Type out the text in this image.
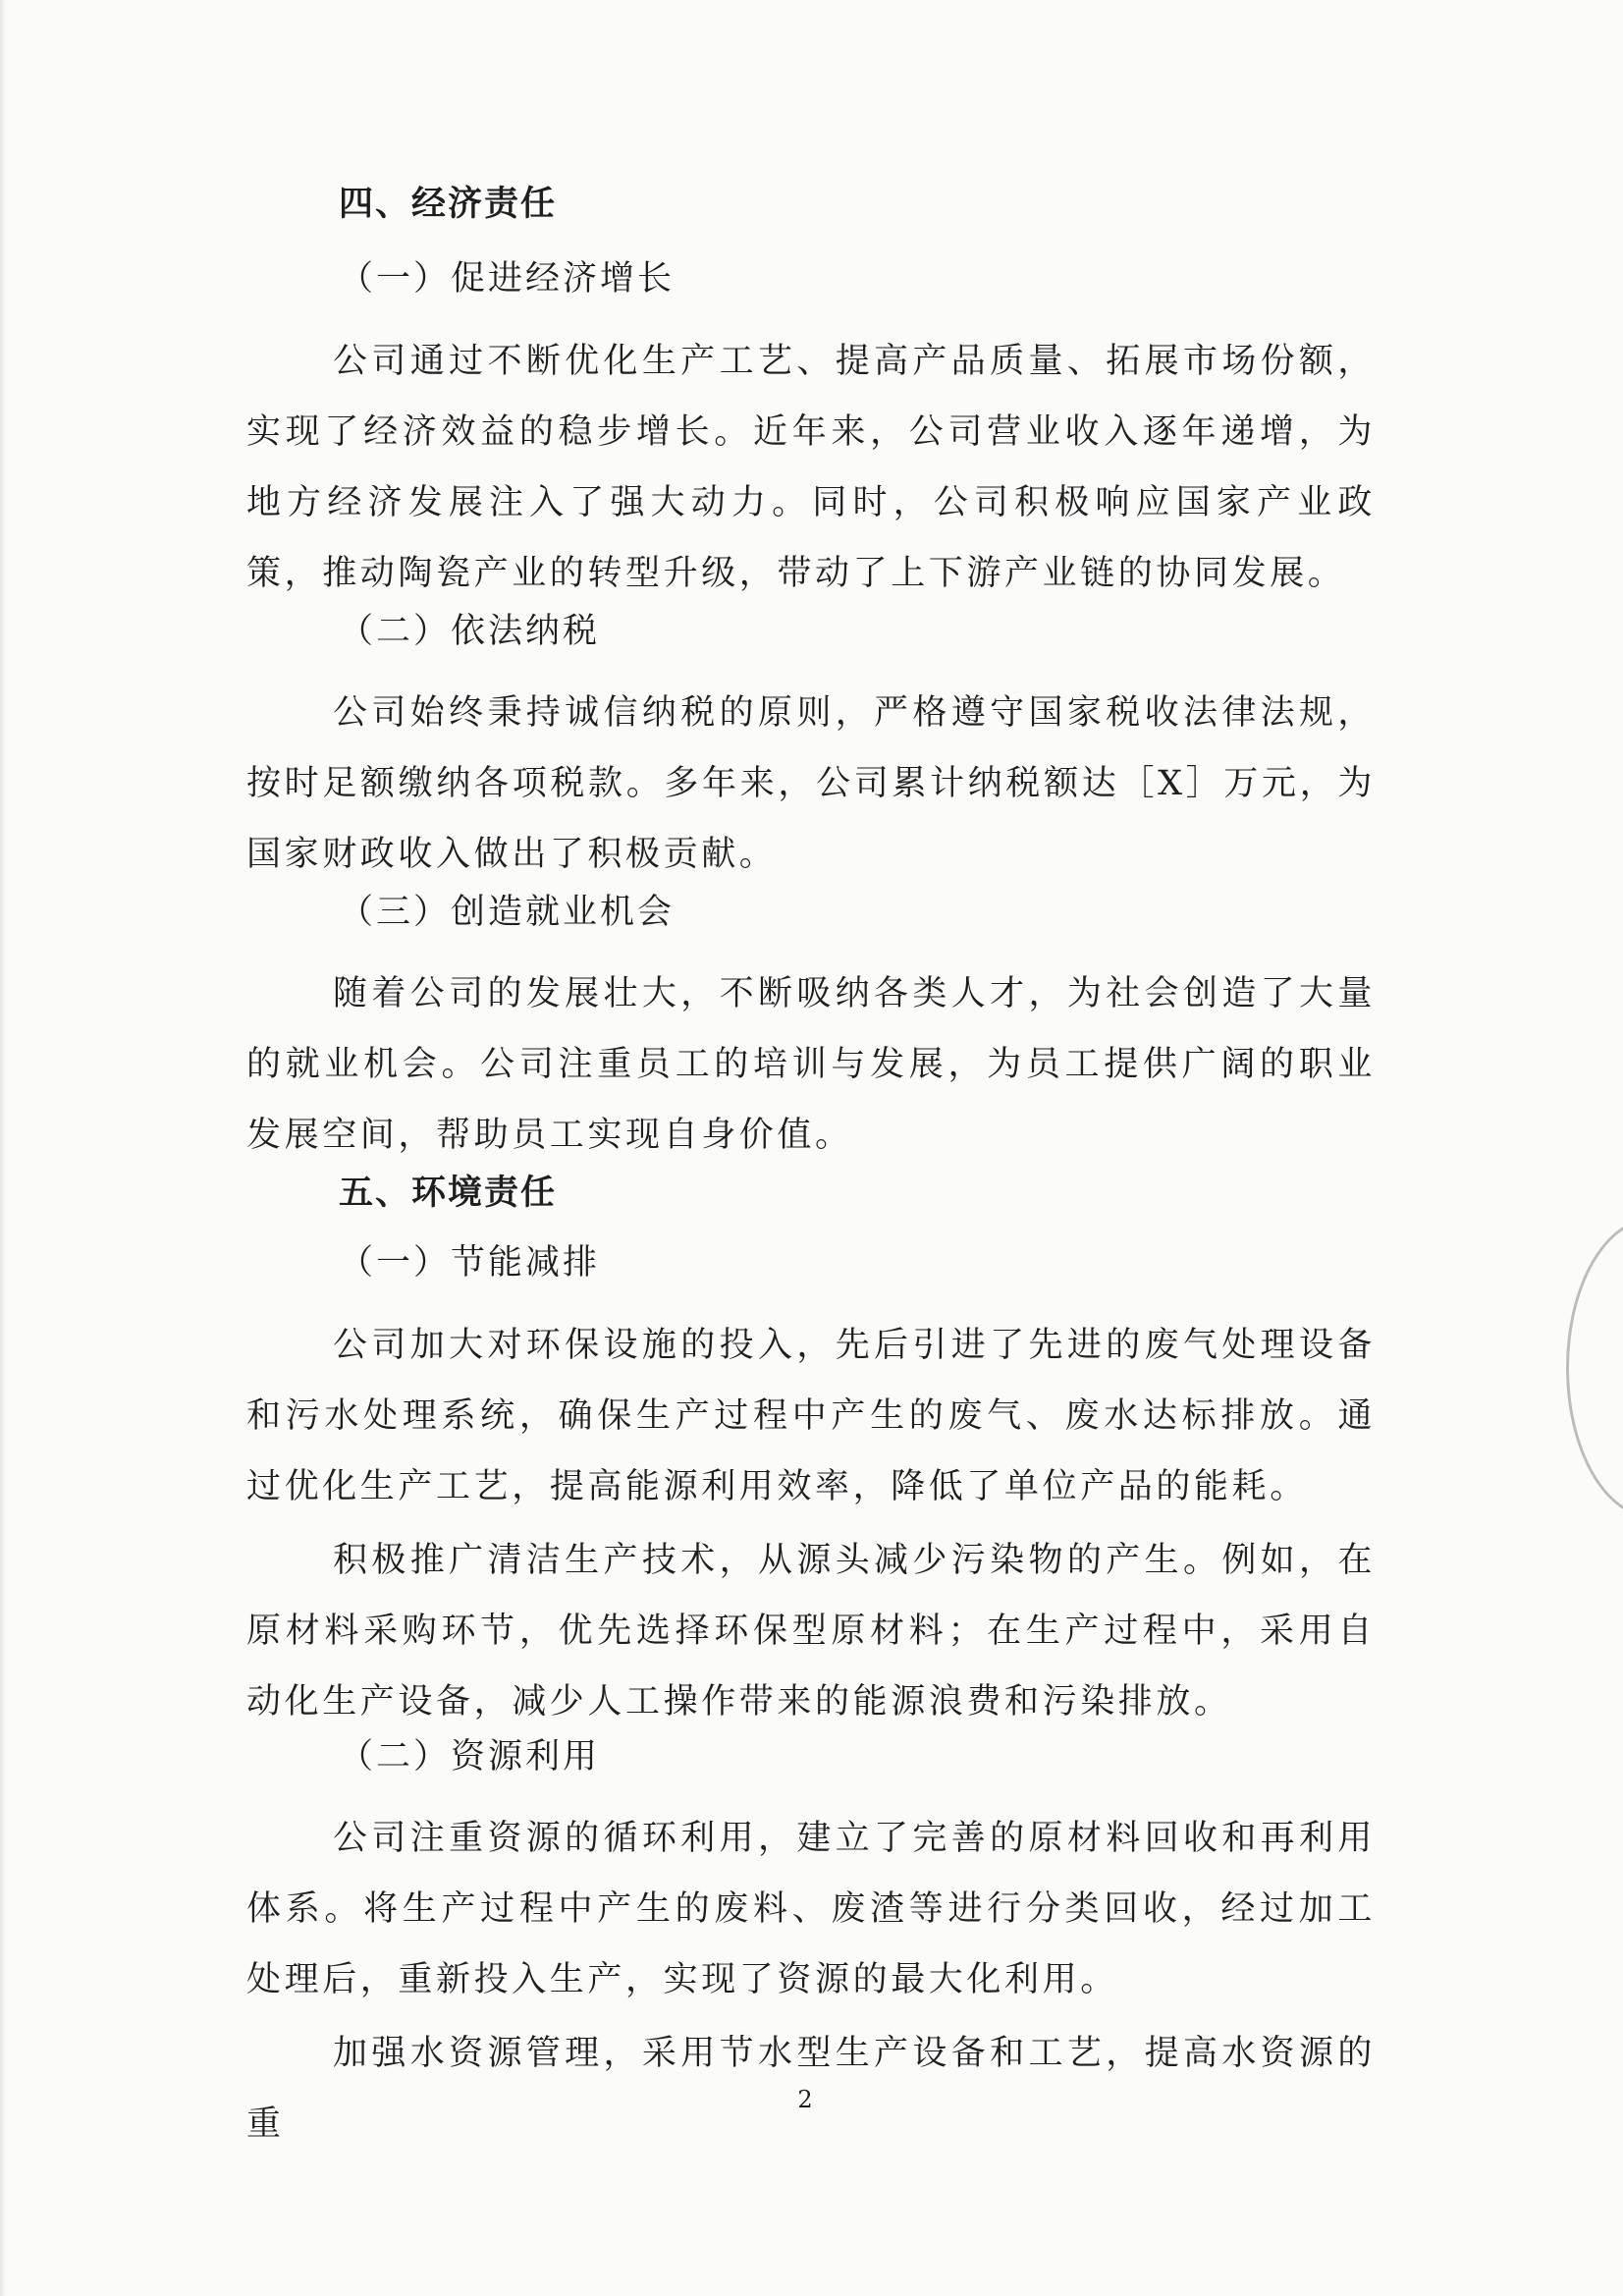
四、经济责任
（一）促进经济增长
公司通过不断优化生产工艺、提高产品质量、拓展市场份额，实现了经济效益的稳步增长。近年来，公司营业收入逐年递增，为地方经济发展注入了强大动力。同时，公司积极响应国家产业政策，推动陶瓷产业的转型升级，带动了上下游产业链的协同发展。
（二）依法纳税
公司始终秉持诚信纳税的原则，严格遵守国家税收法律法规，按时足额缴纳各项税款。多年来，公司累计纳税额达［X］万元，为国家财政收入做出了积极贡献。
（三）创造就业机会
随着公司的发展壮大，不断吸纳各类人才，为社会创造了大量的就业机会。公司注重员工的培训与发展，为员工提供广阔的职业发展空间，帮助员工实现自身价值。
五、环境责任
（一）节能减排
公司加大对环保设施的投入，先后引进了先进的废气处理设备和污水处理系统，确保生产过程中产生的废气、废水达标排放。通过优化生产工艺，提高能源利用效率，降低了单位产品的能耗。
积极推广清洁生产技术，从源头减少污染物的产生。例如，在原材料采购环节，优先选择环保型原材料；在生产过程中，采用自动化生产设备，减少人工操作带来的能源浪费和污染排放。
（二）资源利用
公司注重资源的循环利用，建立了完善的原材料回收和再利用体系。将生产过程中产生的废料、废渣等进行分类回收，经过加工处理后，重新投入生产，实现了资源的最大化利用。
加强水资源管理，采用节水型生产设备和工艺，提高水资源的重
2
